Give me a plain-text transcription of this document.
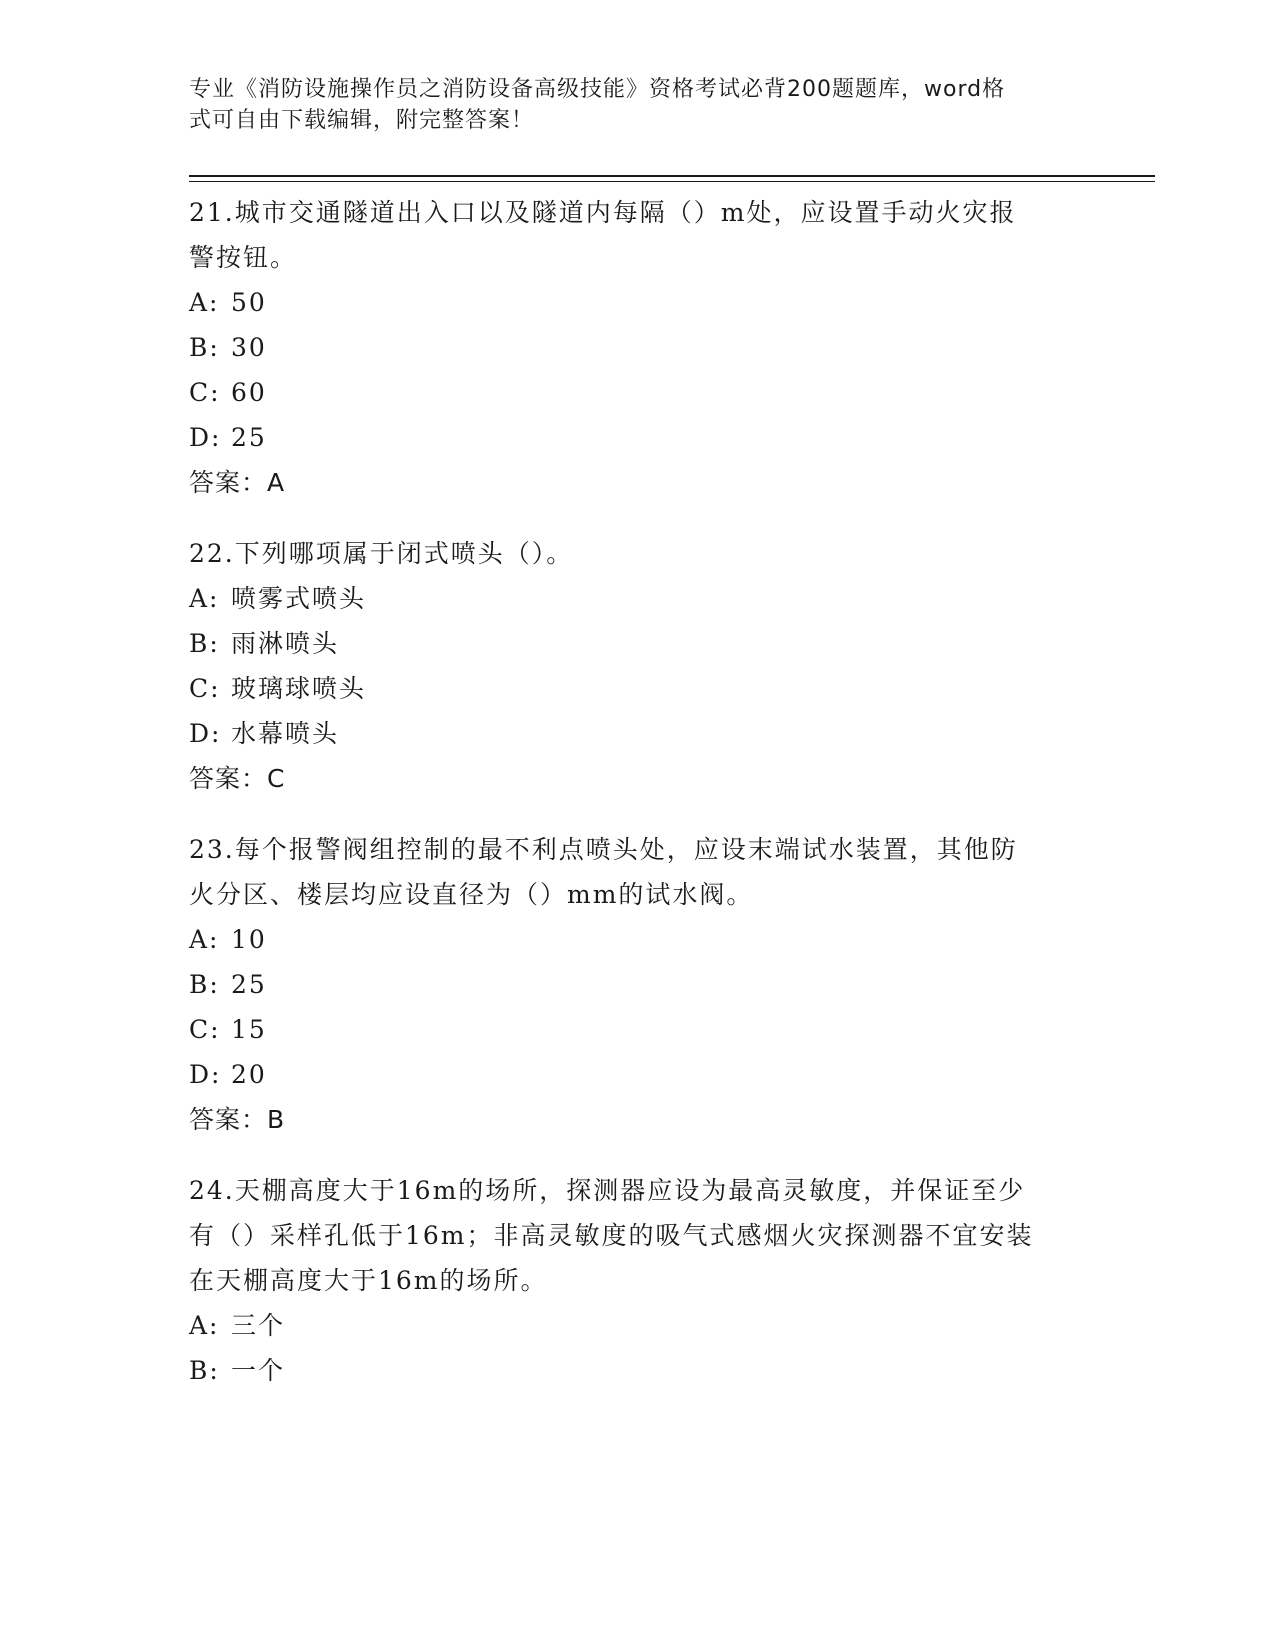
专业《消防设施操作员之消防设备高级技能》资格考试必背200题题库，word格
式可自由下载编辑，附完整答案！

21.城市交通隧道出入口以及隧道内每隔（）m处，应设置手动火灾报

警按钮。

A: 50

B: 30

C: 60

D: 25

答案：A

22.下列哪项属于闭式喷头（）。

A: 喷雾式喷头

B: 雨淋喷头

C: 玻璃球喷头

D: 水幕喷头

答案：C

23.每个报警阀组控制的最不利点喷头处，应设末端试水装置，其他防

火分区、楼层均应设直径为（）mm的试水阀。

A: 10

B: 25

C: 15

D: 20

答案：B

24.天棚高度大于16m的场所，探测器应设为最高灵敏度，并保证至少

有（）采样孔低于16m；非高灵敏度的吸气式感烟火灾探测器不宜安装

在天棚高度大于16m的场所。

A: 三个

B: 一个
